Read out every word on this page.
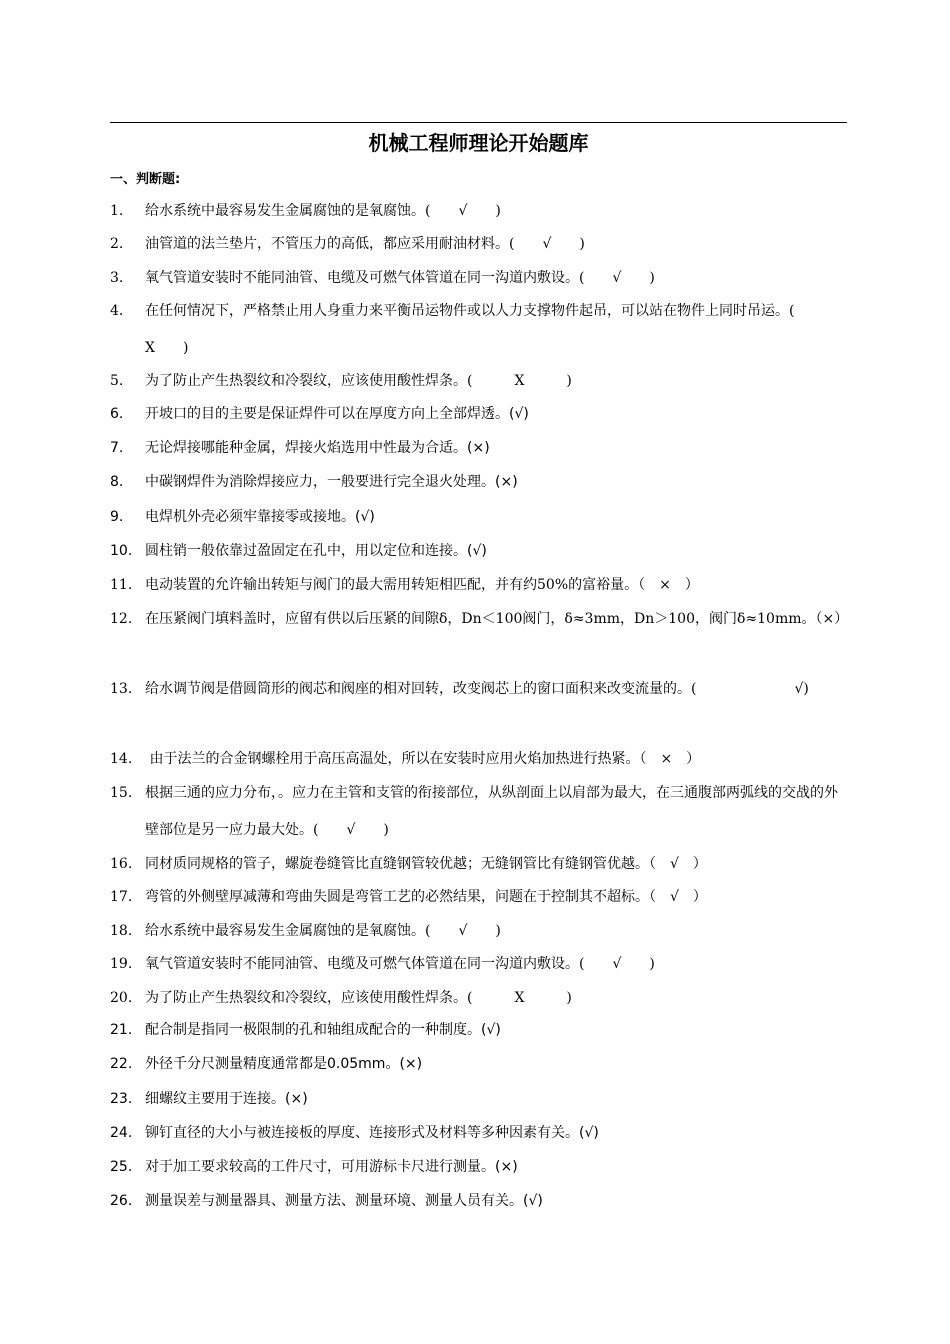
机械工程师理论开始题库
一、判断题:
1.	给水系统中最容易发生金属腐蚀的是氧腐蚀。(　　√　　)
2.	油管道的法兰垫片，不管压力的高低，都应采用耐油材料。(　　√　　)
3.	氧气管道安装时不能同油管、电缆及可燃气体管道在同一沟道内敷设。(　　√　　)
4.	在任何情况下，严格禁止用人身重力来平衡吊运物件或以人力支撑物件起吊，可以站在物件上同时吊运。(　　X　　)
5.	为了防止产生热裂纹和冷裂纹，应该使用酸性焊条。(　　　X　　　)
6.	开坡口的目的主要是保证焊件可以在厚度方向上全部焊透。(√)
7.	无论焊接哪能种金属，焊接火焰选用中性最为合适。(×)
8.	中碳钢焊件为消除焊接应力，一般要进行完全退火处理。(×)
9.	电焊机外壳必须牢靠接零或接地。(√)
10. 圆柱销一般依靠过盈固定在孔中，用以定位和连接。(√)
11. 电动装置的允许输出转矩与阀门的最大需用转矩相匹配，并有约50%的富裕量。（　×　）
12. 在压紧阀门填料盖时，应留有供以后压紧的间隙δ，Dn＜100阀门，δ≈3mm，Dn＞100，阀门δ≈10mm。（×）
13. 给水调节阀是借圆筒形的阀芯和阀座的相对回转，改变阀芯上的窗口面积来改变流量的。(　　　　　　　√)
14. 由于法兰的合金钢螺栓用于高压高温处，所以在安装时应用火焰加热进行热紧。（　×　）
15. 根据三通的应力分布，。应力在主管和支管的衔接部位，从纵剖面上以肩部为最大，在三通腹部两弧线的交战的外壁部位是另一应力最大处。(　　√　　)
16. 同材质同规格的管子，螺旋卷缝管比直缝钢管较优越；无缝钢管比有缝钢管优越。（　√　）
17. 弯管的外侧壁厚减薄和弯曲失圆是弯管工艺的必然结果，问题在于控制其不超标。（　√　）
18. 给水系统中最容易发生金属腐蚀的是氧腐蚀。(　　√　　)
19. 氧气管道安装时不能同油管、电缆及可燃气体管道在同一沟道内敷设。(　　√　　)
20. 为了防止产生热裂纹和冷裂纹，应该使用酸性焊条。(　　　X　　　)
21. 配合制是指同一极限制的孔和轴组成配合的一种制度。(√)
22. 外径千分尺测量精度通常都是0.05mm。(×)
23. 细螺纹主要用于连接。(×)
24. 铆钉直径的大小与被连接板的厚度、连接形式及材料等多种因素有关。(√)
25. 对于加工要求较高的工件尺寸，可用游标卡尺进行测量。(×)
26. 测量误差与测量器具、测量方法、测量环境、测量人员有关。(√)
